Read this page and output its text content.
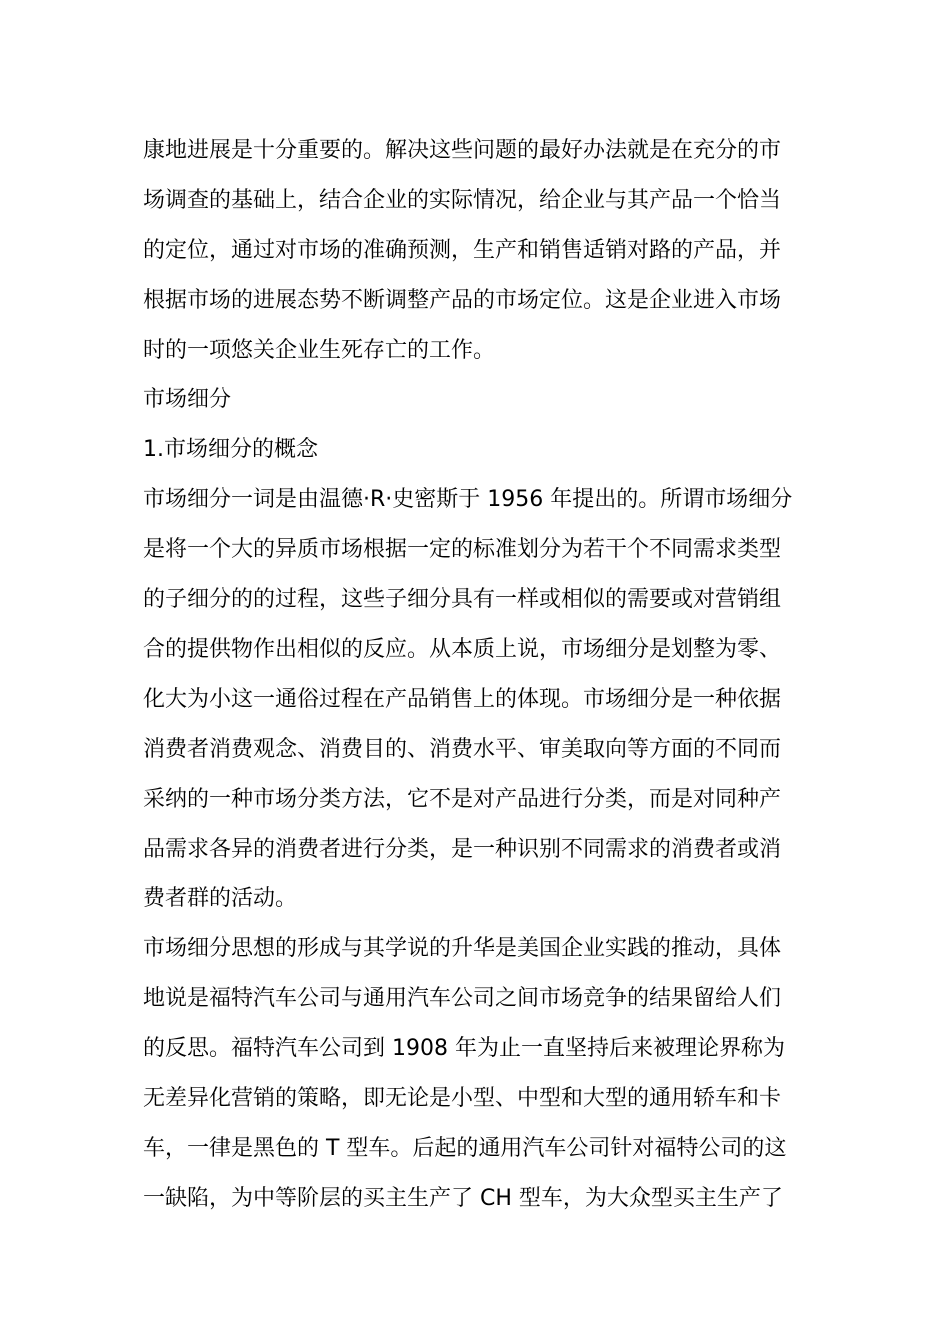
康地进展是十分重要的。解决这些问题的最好办法就是在充分的市
场调查的基础上，结合企业的实际情况，给企业与其产品一个恰当
的定位，通过对市场的准确预测，生产和销售适销对路的产品，并
根据市场的进展态势不断调整产品的市场定位。这是企业进入市场
时的一项悠关企业生死存亡的工作。
市场细分
1.市场细分的概念
市场细分一词是由温德·R·史密斯于 1956 年提出的。所谓市场细分
是将一个大的异质市场根据一定的标准划分为若干个不同需求类型
的子细分的的过程，这些子细分具有一样或相似的需要或对营销组
合的提供物作出相似的反应。从本质上说，市场细分是划整为零、
化大为小这一通俗过程在产品销售上的体现。市场细分是一种依据
消费者消费观念、消费目的、消费水平、审美取向等方面的不同而
采纳的一种市场分类方法，它不是对产品进行分类，而是对同种产
品需求各异的消费者进行分类，是一种识别不同需求的消费者或消
费者群的活动。
市场细分思想的形成与其学说的升华是美国企业实践的推动，具体
地说是福特汽车公司与通用汽车公司之间市场竞争的结果留给人们
的反思。福特汽车公司到 1908 年为止一直坚持后来被理论界称为
无差异化营销的策略，即无论是小型、中型和大型的通用轿车和卡
车，一律是黑色的 T 型车。后起的通用汽车公司针对福特公司的这
一缺陷，为中等阶层的买主生产了 CH 型车，为大众型买主生产了
